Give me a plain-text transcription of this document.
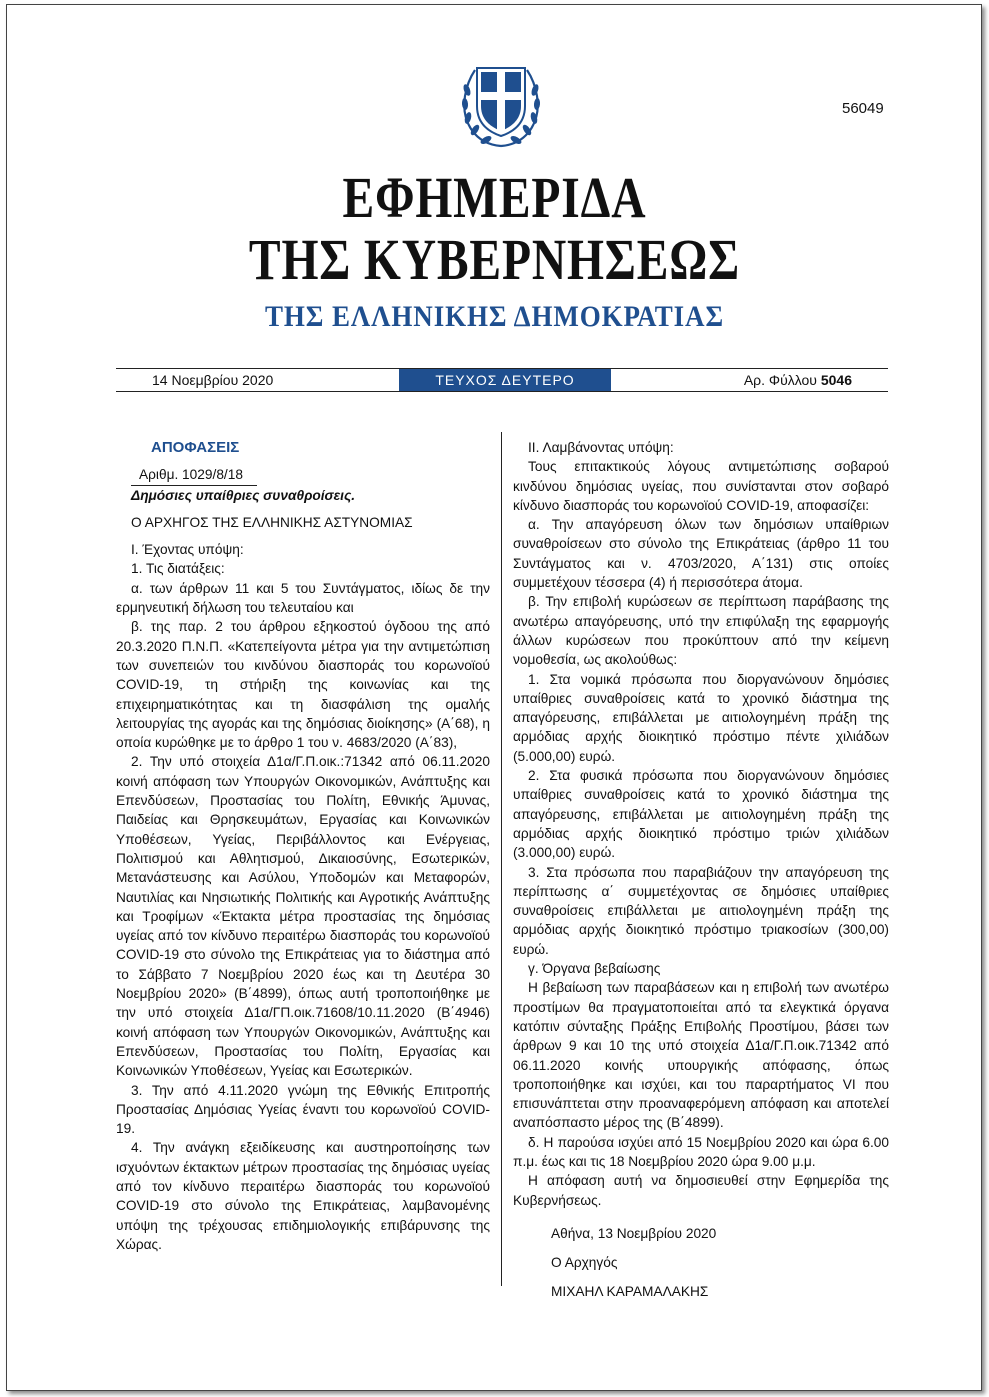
56049
ΕΦΗΜΕΡΙΔΑ
ΤΗΣ ΚΥΒΕΡΝΗΣΕΩΣ
ΤΗΣ ΕΛΛΗΝΙΚΗΣ ΔΗΜΟΚΡΑΤΙΑΣ
14 Νοεμβρίου 2020	ΤΕΥΧΟΣ ΔΕΥΤΕΡΟ	Αρ. Φύλλου 5046

ΑΠΟΦΑΣΕΙΣ

Αριθμ. 1029/8/18

Δημόσιες υπαίθριες συναθροίσεις.

Ο ΑΡΧΗΓΟΣ ΤΗΣ ΕΛΛΗΝΙΚΗΣ ΑΣΤΥΝΟΜΙΑΣ

Ι. Έχοντας υπόψη:

1. Τις διατάξεις:

α. των άρθρων 11 και 5 του Συντάγματος, ιδίως δε την ερμηνευτική δήλωση του τελευταίου και

β. της παρ. 2 του άρθρου εξηκοστού όγδοου της από 20.3.2020 Π.Ν.Π. «Κατεπείγοντα μέτρα για την αντιμετώπιση των συνεπειών του κινδύνου διασποράς του κορωνοϊού COVID-19, τη στήριξη της κοινωνίας και της επιχειρηματικότητας και τη διασφάλιση της ομαλής λειτουργίας της αγοράς και της δημόσιας διοίκησης» (Α΄68), η οποία κυρώθηκε με το άρθρο 1 του ν. 4683/2020 (Α΄83),

2. Την υπό στοιχεία Δ1α/Γ.Π.οικ.:71342 από 06.11.2020 κοινή απόφαση των Υπουργών Οικονομικών, Ανάπτυξης και Επενδύσεων, Προστασίας του Πολίτη, Εθνικής Άμυνας, Παιδείας και Θρησκευμάτων, Εργασίας και Κοινωνικών Υποθέσεων, Υγείας, Περιβάλλοντος και Ενέργειας, Πολιτισμού και Αθλητισμού, Δικαιοσύνης, Εσωτερικών, Μετανάστευσης και Ασύλου, Υποδομών και Μεταφορών, Ναυτιλίας και Νησιωτικής Πολιτικής και Αγροτικής Ανάπτυξης και Τροφίμων «Έκτακτα μέτρα προστασίας της δημόσιας υγείας από τον κίνδυνο περαιτέρω διασποράς του κορωνοϊού COVID-19 στο σύνολο της Επικράτειας για το διάστημα από το Σάββατο 7 Νοεμβρίου 2020 έως και τη Δευτέρα 30 Νοεμβρίου 2020» (Β΄4899), όπως αυτή τροποποιήθηκε με την υπό στοιχεία Δ1α/ΓΠ.οικ.71608/10.11.2020 (Β΄4946) κοινή απόφαση των Υπουργών Οικονομικών, Ανάπτυξης και Επενδύσεων, Προστασίας του Πολίτη, Εργασίας και Κοινωνικών Υποθέσεων, Υγείας και Εσωτερικών.

3. Την από 4.11.2020 γνώμη της Εθνικής Επιτροπής Προστασίας Δημόσιας Υγείας έναντι του κορωνοϊού COVID-19.

4. Την ανάγκη εξειδίκευσης και αυστηροποίησης των ισχυόντων έκτακτων μέτρων προστασίας της δημόσιας υγείας από τον κίνδυνο περαιτέρω διασποράς του κορωνοϊού COVID-19 στο σύνολο της Επικράτειας, λαμβανομένης υπόψη της τρέχουσας επιδημιολογικής επιβάρυνσης της Χώρας.

ΙΙ. Λαμβάνοντας υπόψη:

Τους επιτακτικούς λόγους αντιμετώπισης σοβαρού κινδύνου δημόσιας υγείας, που συνίστανται στον σοβαρό κίνδυνο διασποράς του κορωνοϊού COVID-19, αποφασίζει:

α. Την απαγόρευση όλων των δημόσιων υπαίθριων συναθροίσεων στο σύνολο της Επικράτειας (άρθρο 11 του Συντάγματος και ν. 4703/2020, Α΄131) στις οποίες συμμετέχουν τέσσερα (4) ή περισσότερα άτομα.

β. Την επιβολή κυρώσεων σε περίπτωση παράβασης της ανωτέρω απαγόρευσης, υπό την επιφύλαξη της εφαρμογής άλλων κυρώσεων που προκύπτουν από την κείμενη νομοθεσία, ως ακολούθως:

1. Στα νομικά πρόσωπα που διοργανώνουν δημόσιες υπαίθριες συναθροίσεις κατά το χρονικό διάστημα της απαγόρευσης, επιβάλλεται με αιτιολογημένη πράξη της αρμόδιας αρχής διοικητικό πρόστιμο πέντε χιλιάδων (5.000,00) ευρώ.

2. Στα φυσικά πρόσωπα που διοργανώνουν δημόσιες υπαίθριες συναθροίσεις κατά το χρονικό διάστημα της απαγόρευσης, επιβάλλεται με αιτιολογημένη πράξη της αρμόδιας αρχής διοικητικό πρόστιμο τριών χιλιάδων (3.000,00) ευρώ.

3. Στα πρόσωπα που παραβιάζουν την απαγόρευση της περίπτωσης α΄ συμμετέχοντας σε δημόσιες υπαίθριες συναθροίσεις επιβάλλεται με αιτιολογημένη πράξη της αρμόδιας αρχής διοικητικό πρόστιμο τριακοσίων (300,00) ευρώ.

γ. Όργανα βεβαίωσης

Η βεβαίωση των παραβάσεων και η επιβολή των ανωτέρω προστίμων θα πραγματοποιείται από τα ελεγκτικά όργανα κατόπιν σύνταξης Πράξης Επιβολής Προστίμου, βάσει των άρθρων 9 και 10 της υπό στοιχεία Δ1α/Γ.Π.οικ.71342 από 06.11.2020 κοινής υπουργικής απόφασης, όπως τροποποιήθηκε και ισχύει, και του παραρτήματος VI που επισυνάπτεται στην προαναφερόμενη απόφαση και αποτελεί αναπόσπαστο μέρος της (Β΄4899).

δ. Η παρούσα ισχύει από 15 Νοεμβρίου 2020 και ώρα 6.00 π.μ. έως και τις 18 Νοεμβρίου 2020 ώρα 9.00 μ.μ.

Η απόφαση αυτή να δημοσιευθεί στην Εφημερίδα της Κυβερνήσεως.

Αθήνα, 13 Νοεμβρίου 2020

Ο Αρχηγός

ΜΙΧΑΗΛ ΚΑΡΑΜΑΛΑΚΗΣ
